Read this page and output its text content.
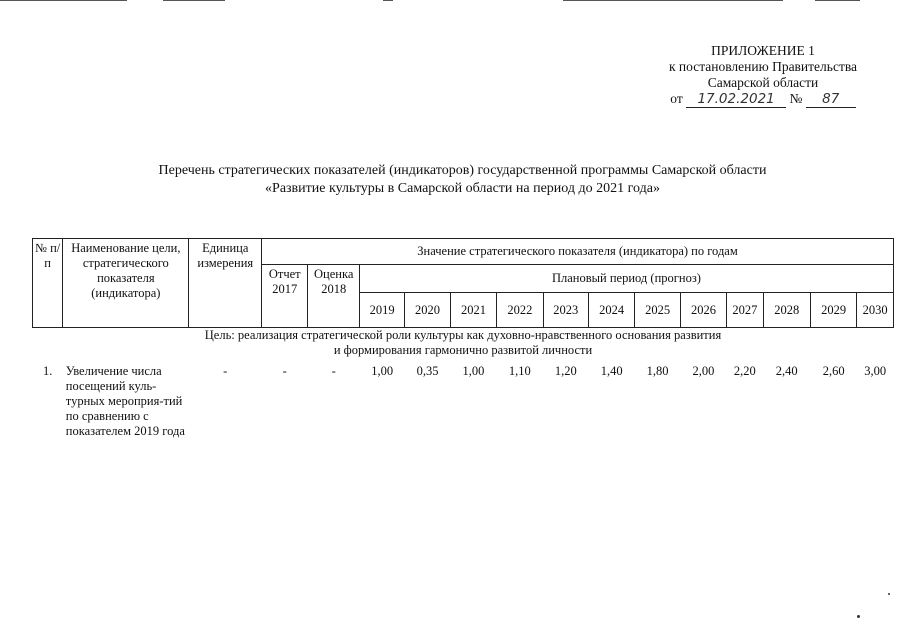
ПРИЛОЖЕНИЕ 1
к постановлению Правительства
Самарской области
от 17.02.2021 № 87
Перечень стратегических показателей (индикаторов) государственной программы Самарской области
«Развитие культуры в Самарской области на период до 2021 года»
№ п/п	Наименование цели, стратегического показателя (индикатора)	Единица измерения	Значение стратегического показателя (индикатора) по годам													
			Отчет 2017	Оценка 2018	Плановый период (прогноз)											
					2019	2020	2021	2022	2023	2024	2025	2026	2027	2028	2029	2030

Цель: реализация стратегической роли культуры как духовно-нравственного основания развития
и формирования гармонично развитой личности																

1.	Увеличение числа посещений куль-турных мероприя-тий по сравнению с показателем 2019 года	-	-	-	1,00	0,35	1,00	1,10	1,20	1,40	1,80	2,00	2,20	2,40	2,60	3,00
